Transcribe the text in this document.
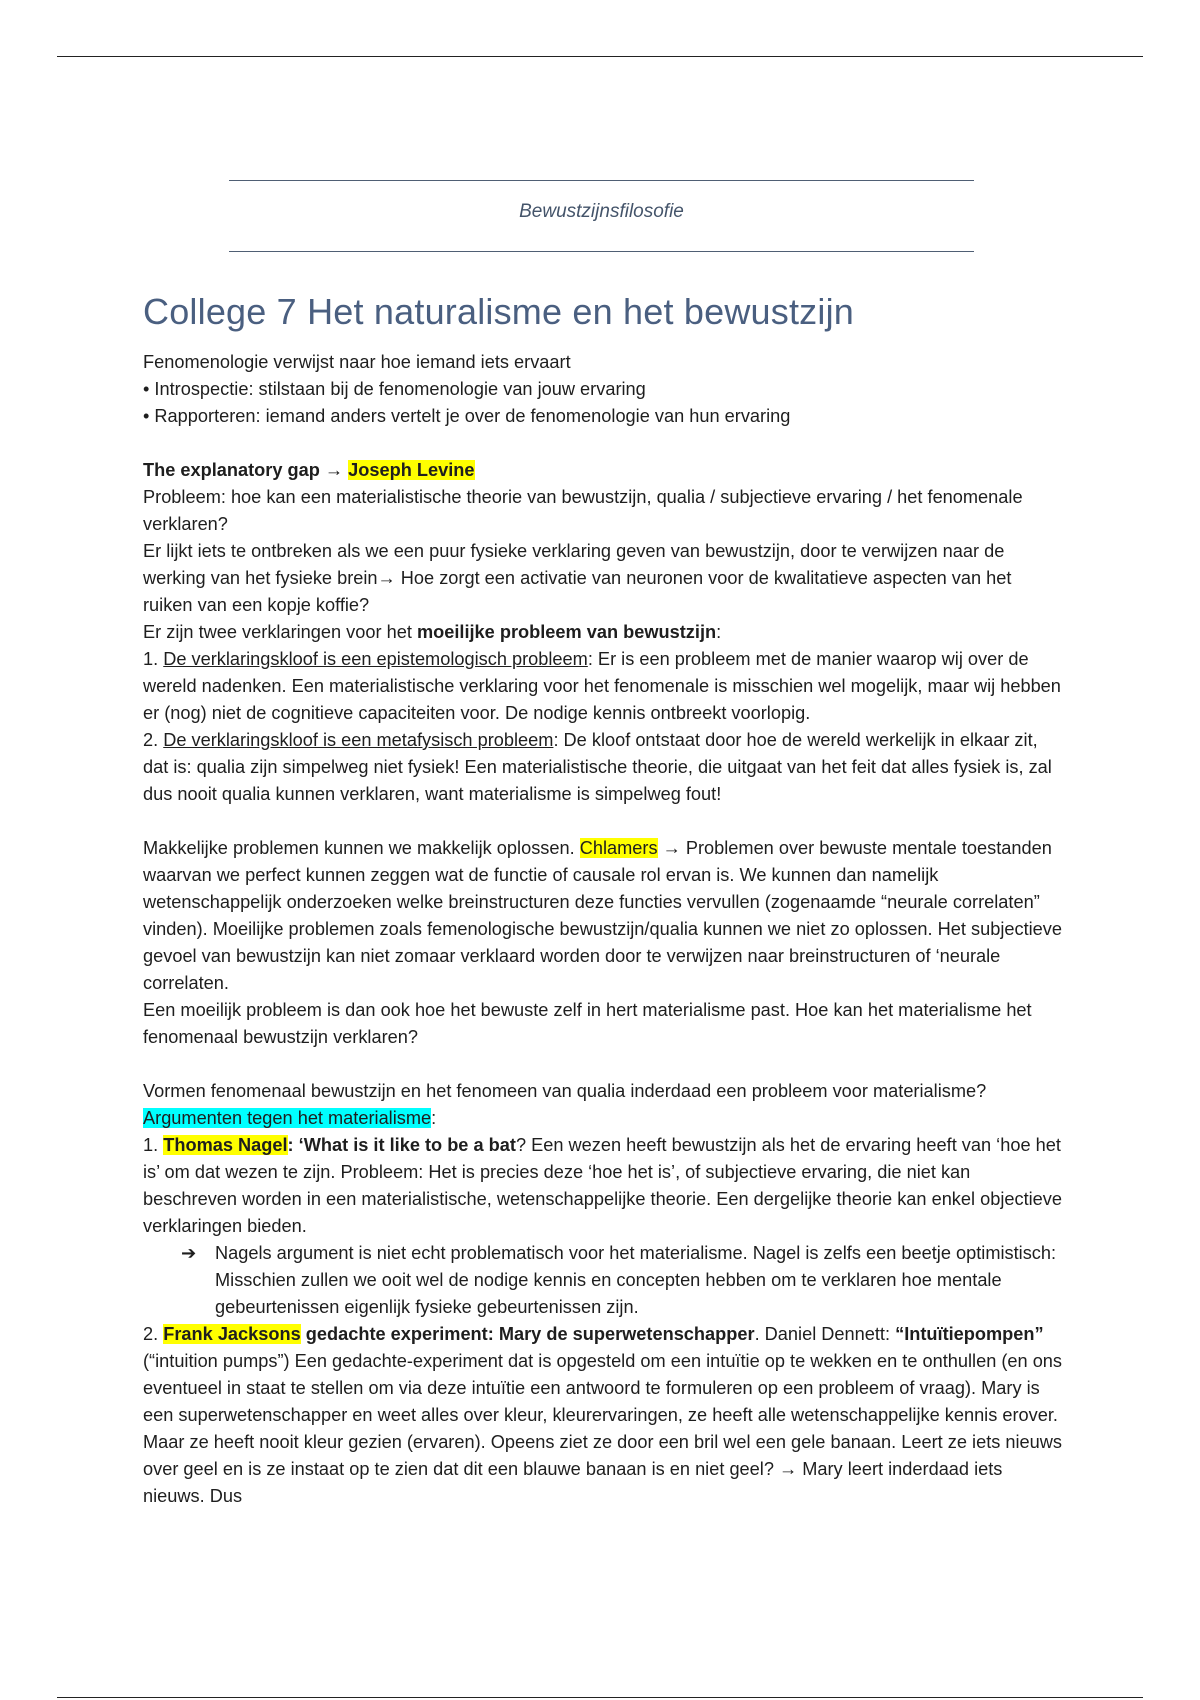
Bewustzijnsfilosofie
College 7 Het naturalisme en het bewustzijn

Fenomenologie verwijst naar hoe iemand iets ervaart

• Introspectie: stilstaan bij de fenomenologie van jouw ervaring

• Rapporteren: iemand anders vertelt je over de fenomenologie van hun ervaring

The explanatory gap → Joseph Levine

Probleem: hoe kan een materialistische theorie van bewustzijn, qualia / subjectieve ervaring / het fenomenale verklaren?

Er lijkt iets te ontbreken als we een puur fysieke verklaring geven van bewustzijn, door te verwijzen naar de werking van het fysieke brein→ Hoe zorgt een activatie van neuronen voor de kwalitatieve aspecten van het ruiken van een kopje koffie?

Er zijn twee verklaringen voor het moeilijke probleem van bewustzijn:

1. De verklaringskloof is een epistemologisch probleem: Er is een probleem met de manier waarop wij over de wereld nadenken. Een materialistische verklaring voor het fenomenale is misschien wel mogelijk, maar wij hebben er (nog) niet de cognitieve capaciteiten voor. De nodige kennis ontbreekt voorlopig.

2. De verklaringskloof is een metafysisch probleem: De kloof ontstaat door hoe de wereld werkelijk in elkaar zit, dat is: qualia zijn simpelweg niet fysiek! Een materialistische theorie, die uitgaat van het feit dat alles fysiek is, zal dus nooit qualia kunnen verklaren, want materialisme is simpelweg fout!

Makkelijke problemen kunnen we makkelijk oplossen. Chlamers → Problemen over bewuste mentale toestanden waarvan we perfect kunnen zeggen wat de functie of causale rol ervan is. We kunnen dan namelijk wetenschappelijk onderzoeken welke breinstructuren deze functies vervullen (zogenaamde “neurale correlaten” vinden). Moeilijke problemen zoals femenologische bewustzijn/qualia kunnen we niet zo oplossen. Het subjectieve gevoel van bewustzijn kan niet zomaar verklaard worden door te verwijzen naar breinstructuren of ‘neurale correlaten.

Een moeilijk probleem is dan ook hoe het bewuste zelf in hert materialisme past. Hoe kan het materialisme het fenomenaal bewustzijn verklaren?

Vormen fenomenaal bewustzijn en het fenomeen van qualia inderdaad een probleem voor materialisme? Argumenten tegen het materialisme:

1. Thomas Nagel: ‘What is it like to be a bat? Een wezen heeft bewustzijn als het de ervaring heeft van ‘hoe het is’ om dat wezen te zijn. Probleem: Het is precies deze ‘hoe het is’, of subjectieve ervaring, die niet kan beschreven worden in een materialistische, wetenschappelijke theorie. Een dergelijke theorie kan enkel objectieve verklaringen bieden.

➔	Nagels argument is niet echt problematisch voor het materialisme. Nagel is zelfs een beetje optimistisch: Misschien zullen we ooit wel de nodige kennis en concepten hebben om te verklaren hoe mentale gebeurtenissen eigenlijk fysieke gebeurtenissen zijn.

2. Frank Jacksons gedachte experiment: Mary de superwetenschapper. Daniel Dennett: “Intuïtiepompen” (“intuition pumps”) Een gedachte-experiment dat is opgesteld om een intuïtie op te wekken en te onthullen (en ons eventueel in staat te stellen om via deze intuïtie een antwoord te formuleren op een probleem of vraag). Mary is een superwetenschapper en weet alles over kleur, kleurervaringen, ze heeft alle wetenschappelijke kennis erover. Maar ze heeft nooit kleur gezien (ervaren). Opeens ziet ze door een bril wel een gele banaan. Leert ze iets nieuws over geel en is ze instaat op te zien dat dit een blauwe banaan is en niet geel? → Mary leert inderdaad iets nieuws. Dus
